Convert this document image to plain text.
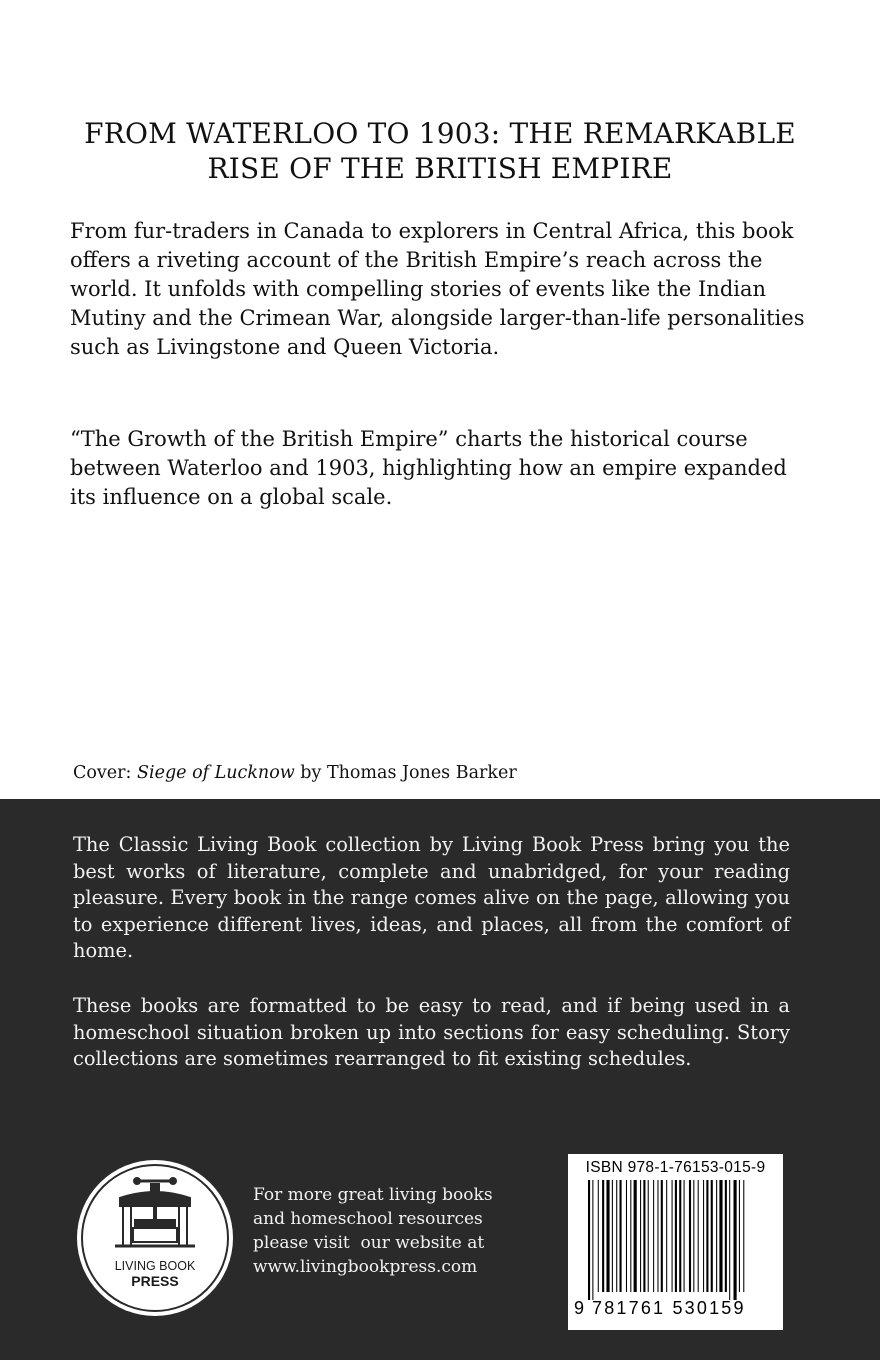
FROM WATERLOO TO 1903: THE REMARKABLE
RISE OF THE BRITISH EMPIRE

From fur-traders in Canada to explorers in Central Africa, this book offers a riveting account of the British Empire’s reach across the world. It unfolds with compelling stories of events like the Indian Mutiny and the Crimean War, alongside larger-than-life personalities such as Livingstone and Queen Victoria.

“The Growth of the British Empire” charts the historical course between Waterloo and 1903, highlighting how an empire expanded its influence on a global scale.

Cover: Siege of Lucknow by Thomas Jones Barker

The Classic Living Book collection by Living Book Press bring you the best works of literature, complete and unabridged, for your reading pleasure. Every book in the range comes alive on the page, allowing you to experience different lives, ideas, and places, all from the comfort of home.

These books are formatted to be easy to read, and if being used in a homeschool situation broken up into sections for easy scheduling. Story collections are sometimes rearranged to fit existing schedules.

LIVING BOOK
PRESS
For more great living books
and homeschool resources
please visit  our website at
www.livingbookpress.com
ISBN 978-1-76153-015-9
9 781761 530159
